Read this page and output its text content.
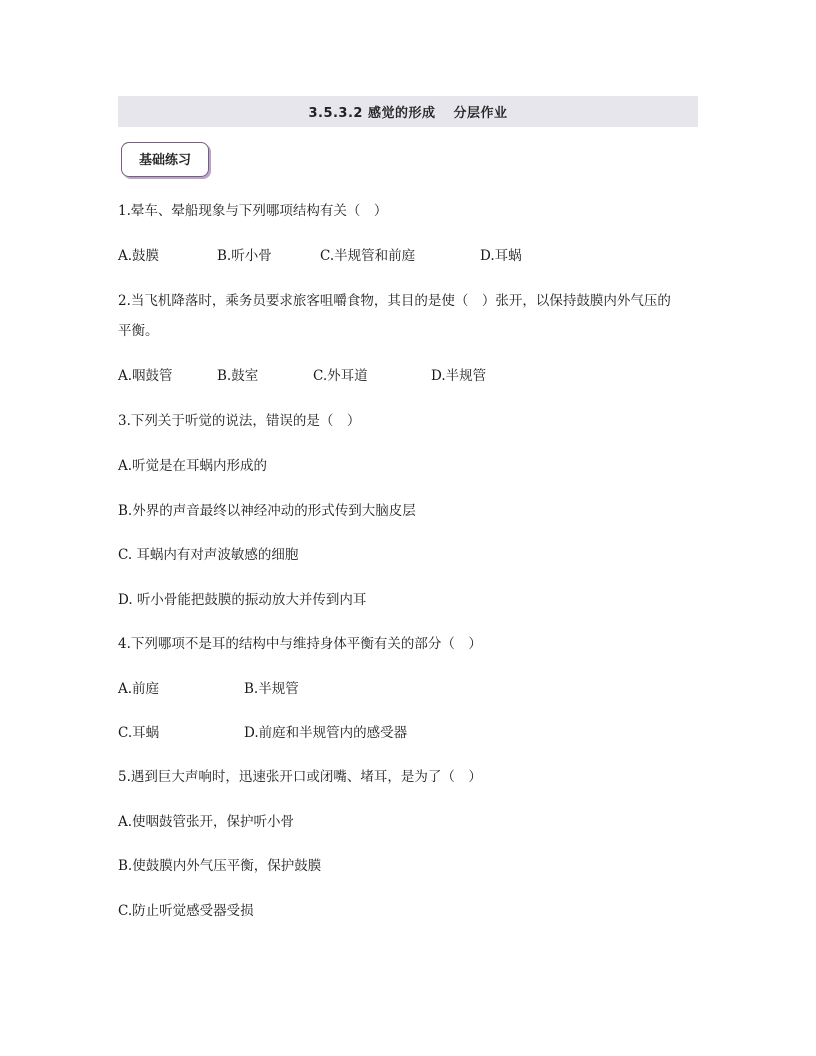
3.5.3.2 感觉的形成 分层作业
基础练习
1.晕车、晕船现象与下列哪项结构有关（　）
A.鼓膜	B.听小骨	C.半规管和前庭	D.耳蜗
2.当飞机降落时，乘务员要求旅客咀嚼食物，其目的是使（　）张开，以保持鼓膜内外气压的
平衡。
A.咽鼓管	B.鼓室	C.外耳道	D.半规管
3.下列关于听觉的说法，错误的是（　）
A.听觉是在耳蜗内形成的
B.外界的声音最终以神经冲动的形式传到大脑皮层
C. 耳蜗内有对声波敏感的细胞
D. 听小骨能把鼓膜的振动放大并传到内耳
4.下列哪项不是耳的结构中与维持身体平衡有关的部分（　）
A.前庭	B.半规管
C.耳蜗	D.前庭和半规管内的感受器
5.遇到巨大声响时，迅速张开口或闭嘴、堵耳，是为了（　）
A.使咽鼓管张开，保护听小骨
B.使鼓膜内外气压平衡，保护鼓膜
C.防止听觉感受器受损
